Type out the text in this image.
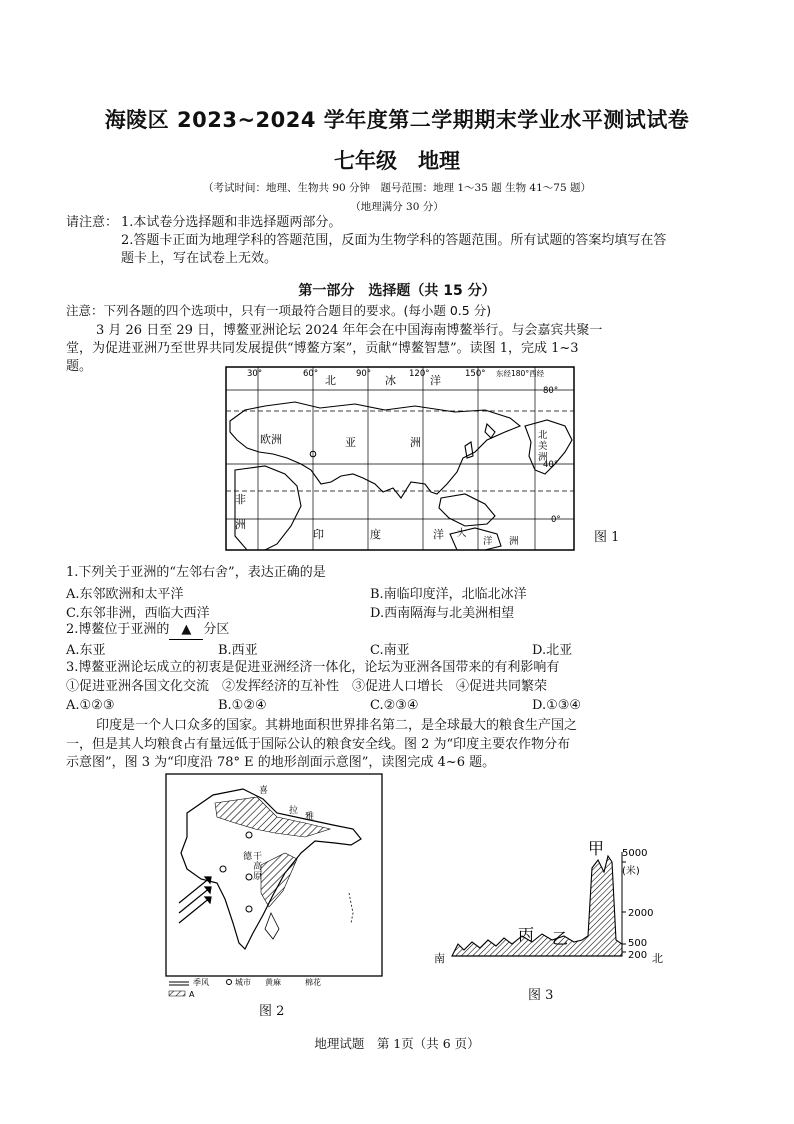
海陵区 2023~2024 学年度第二学期期末学业水平测试试卷
七年级　地理
（考试时间：地理、生物共 90 分钟　题号范围：地理 1～35 题 生物 41～75 题）
（地理满分 30 分）
请注意： 1.本试卷分选择题和非选择题两部分。
2.答题卡正面为地理学科的答题范围，反面为生物学科的答题范围。所有试题的答案均填写在答
题卡上，写在试卷上无效。
第一部分　选择题（共 15 分）
注意：下列各题的四个选项中，只有一项最符合题目的要求。(每小题 0.5 分)
3 月 26 日至 29 日，博鳌亚洲论坛 2024 年年会在中国海南博鳌举行。与会嘉宾共聚一
堂，为促进亚洲乃至世界共同发展提供“博鳌方案”，贡献“博鳌智慧”。读图 1，完成 1~3
题。	30°	60°	90°	120°	150° 东经180°西经
80°
40°
0°
北	冰	洋
欧洲	亚	洲
北
美
洲
非
洲
印	度	洋 大
洋 洲	图 1
1.下列关于亚洲的“左邻右舍”，表达正确的是
A.东邻欧洲和太平洋	B.南临印度洋，北临北冰洋
C.东邻非洲，西临大西洋	D.西南隔海与北美洲相望
2.博鳌位于亚洲的 ▲ 分区
A.东亚	B.西亚	C.南亚	D.北亚
3.博鳌亚洲论坛成立的初衷是促进亚洲经济一体化，论坛为亚洲各国带来的有利影响有
①促进亚洲各国文化交流　②发挥经济的互补性　③促进人口增长　④促进共同繁荣
A.①②③	B.①②④	C.②③④	D.①③④
印度是一个人口众多的国家。其耕地面积世界排名第二，是全球最大的粮食生产国之
一，但是其人均粮食占有量远低于国际公认的粮食安全线。图 2 为“印度主要农作物分布
示意图”，图 3 为“印度沿 78° E 的地形剖面示意图”，读图完成 4~6 题。
喜
拉
雅
德 干
高
原
季风	城市 黄麻	棉花
A
图 2
5000
(米)
2000
500
200
南	北
甲
乙
丙
图 3
地理试题　第 1页（共 6 页）
